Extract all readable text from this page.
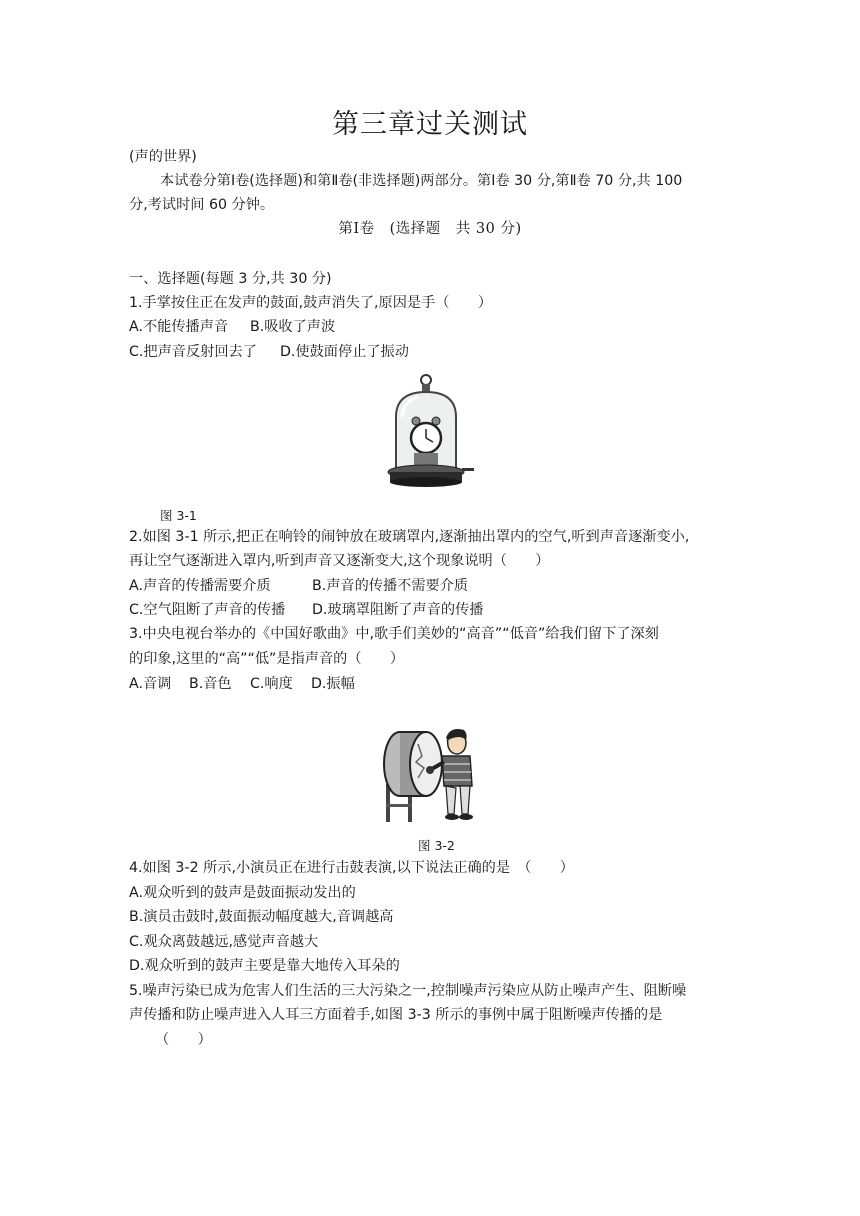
第三章过关测试
(声的世界)
本试卷分第Ⅰ卷(选择题)和第Ⅱ卷(非选择题)两部分。第Ⅰ卷 30 分,第Ⅱ卷 70 分,共 100
分,考试时间 60 分钟。
第Ⅰ卷　(选择题　共 30 分)
一、选择题(每题 3 分,共 30 分)
1.手掌按住正在发声的鼓面,鼓声消失了,原因是手（　　）
A.不能传播声音 B.吸收了声波
C.把声音反射回去了 D.使鼓面停止了振动
图 3-1
2.如图 3-1 所示,把正在响铃的闹钟放在玻璃罩内,逐渐抽出罩内的空气,听到声音逐渐变小,
再让空气逐渐进入罩内,听到声音又逐渐变大,这个现象说明（　　）
A.声音的传播需要介质	B.声音的传播不需要介质
C.空气阻断了声音的传播 D.玻璃罩阻断了声音的传播
3.中央电视台举办的《中国好歌曲》中,歌手们美妙的“高音”“低音”给我们留下了深刻
的印象,这里的“高”“低”是指声音的（　　）
A.音调 B.音色 C.响度 D.振幅
图 3-2
4.如图 3-2 所示,小演员正在进行击鼓表演,以下说法正确的是　（　　）
A.观众听到的鼓声是鼓面振动发出的
B.演员击鼓时,鼓面振动幅度越大,音调越高
C.观众离鼓越远,感觉声音越大
D.观众听到的鼓声主要是靠大地传入耳朵的
5.噪声污染已成为危害人们生活的三大污染之一,控制噪声污染应从防止噪声产生、阻断噪
声传播和防止噪声进入人耳三方面着手,如图 3-3 所示的事例中属于阻断噪声传播的是
（　　）
